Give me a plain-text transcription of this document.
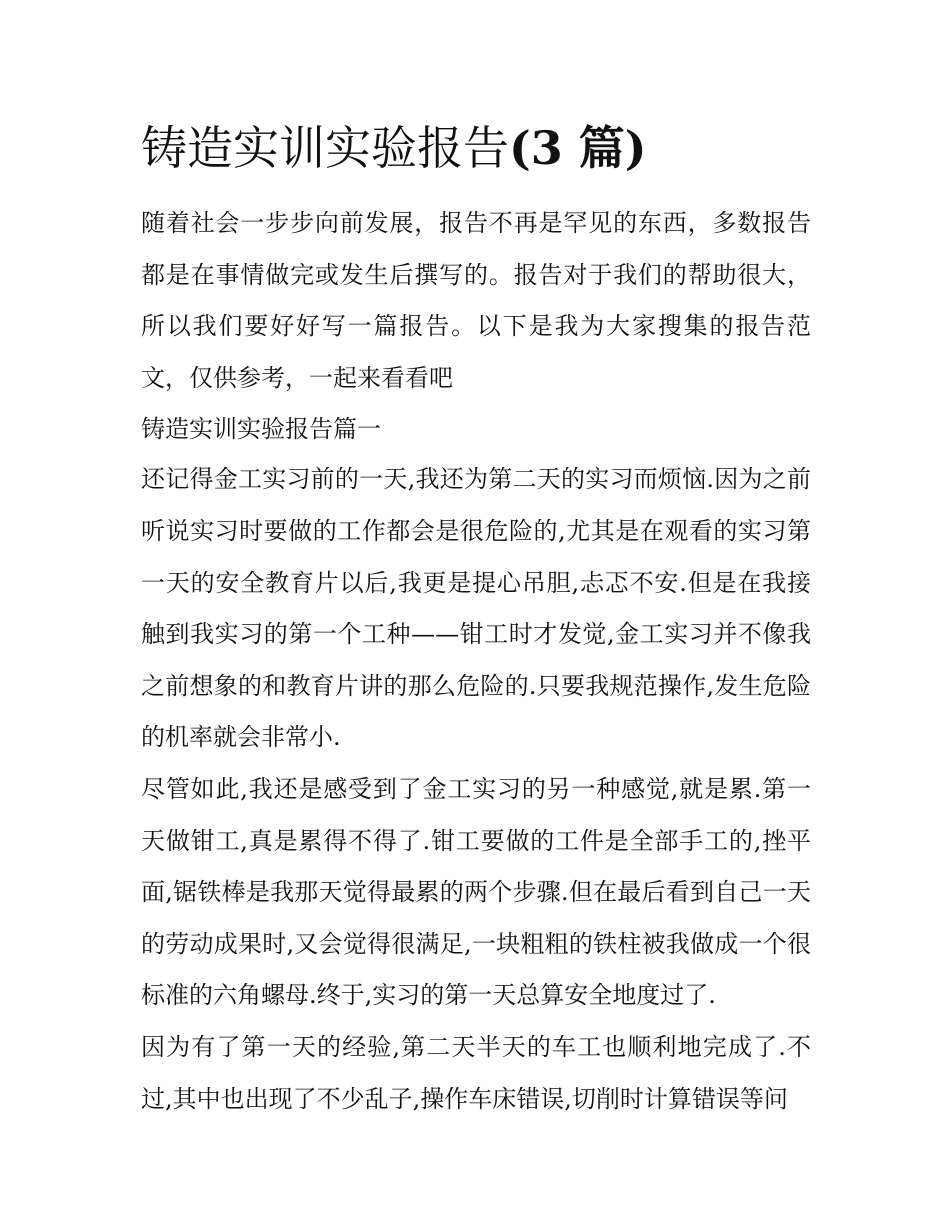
铸造实训实验报告(3 篇)

随着社会一步步向前发展，报告不再是罕见的东西，多数报告都是在事情做完或发生后撰写的。报告对于我们的帮助很大，所以我们要好好写一篇报告。以下是我为大家搜集的报告范文，仅供参考，一起来看看吧

铸造实训实验报告篇一

还记得金工实习前的一天,我还为第二天的实习而烦恼.因为之前听说实习时要做的工作都会是很危险的,尤其是在观看的实习第一天的安全教育片以后,我更是提心吊胆,忐忑不安.但是在我接触到我实习的第一个工种——钳工时才发觉,金工实习并不像我之前想象的和教育片讲的那么危险的.只要我规范操作,发生危险的机率就会非常小.

尽管如此,我还是感受到了金工实习的另一种感觉,就是累.第一天做钳工,真是累得不得了.钳工要做的工件是全部手工的,挫平面,锯铁棒是我那天觉得最累的两个步骤.但在最后看到自己一天的劳动成果时,又会觉得很满足,一块粗粗的铁柱被我做成一个很标准的六角螺母.终于,实习的第一天总算安全地度过了.

因为有了第一天的经验,第二天半天的车工也顺利地完成了.不过,其中也出现了不少乱子,操作车床错误,切削时计算错误等问
